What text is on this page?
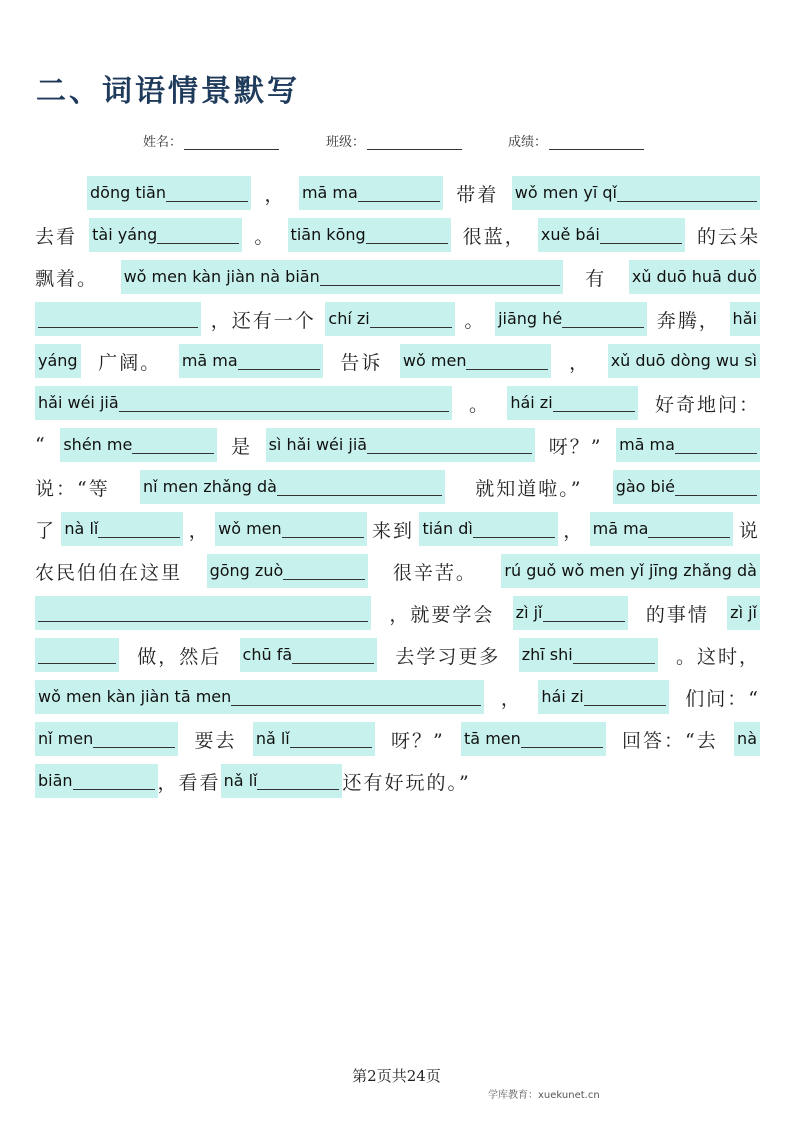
二、词语情景默写
姓名：	班级：	成绩：
dōng tiān	， mā ma	带着 wǒ men yī qǐ
去看 tài yáng	。 tiān kōng	很蓝， xuě bái	的云朵
飘着。 wǒ men kàn jiàn nà biān	有 xǔ duō huā duǒ
，还有一个 chí zi	。 jiāng hé	奔腾， hǎi
yáng 广阔。 mā ma	告诉 wǒ men	， xǔ duō dòng wu sì
hǎi wéi jiā	。 hái zi	好奇地问：
“ shén me	是 sì hǎi wéi jiā	呀？” mā ma
说：“等 nǐ men zhǎng dà	就知道啦。” gào bié
了 nà lǐ	， wǒ men	来到 tián dì	， mā ma	说
农民伯伯在这里 gōng zuò	很辛苦。 rú guǒ wǒ men yǐ jīng zhǎng dà
，就要学会 zì jǐ	的事情 zì jǐ
做，然后 chū fā	去学习更多 zhī shi	。这时，
wǒ men kàn jiàn tā men	， hái zi	们问：“
nǐ men	要去 nǎ lǐ	呀？” tā men	回答：“去 nà
biān	，看看 nǎ lǐ	还有好玩的。”
第2页共24页
学库教育：xuekunet.cn
